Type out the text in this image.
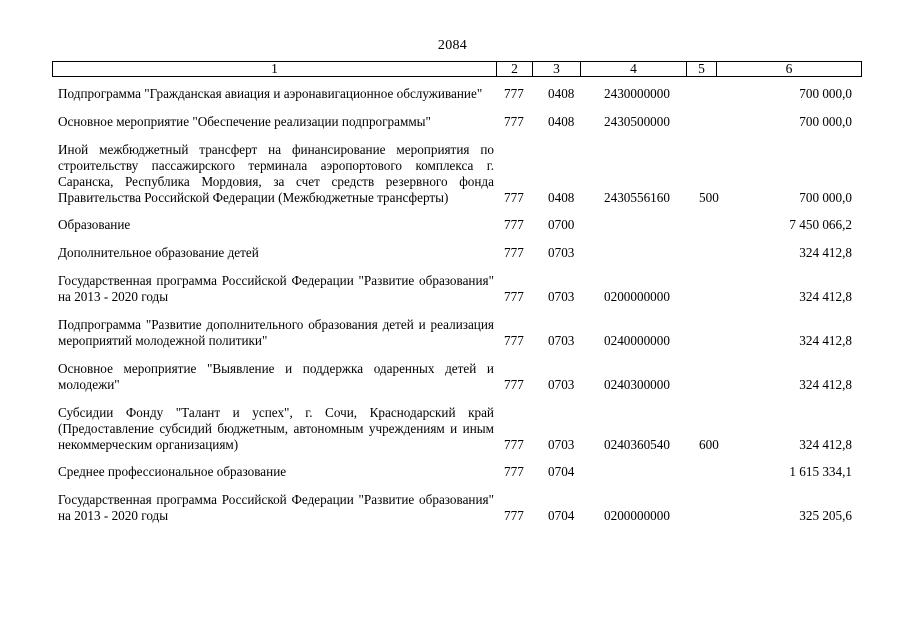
2084
1	2	3	4	5	6
Подпрограмма "Гражданская авиация и аэронавигационное обслуживание"	777 0408 2430000000	700 000,0
Основное мероприятие "Обеспечение реализации подпрограммы"	777 0408 2430500000	700 000,0
Иной межбюджетный трансферт на финансирование мероприятия по строительству пассажирского терминала аэропортового комплекса г. Саранска, Республика Мордовия, за счет средств резервного фонда Правительства Российской Федерации (Межбюджетные трансферты)	777 0408 2430556160 500	700 000,0
Образование	777 0700	7 450 066,2
Дополнительное образование детей	777 0703	324 412,8
Государственная программа Российской Федерации "Развитие образования" на 2013 - 2020 годы	777 0703 0200000000	324 412,8
Подпрограмма "Развитие дополнительного образования детей и реализация мероприятий молодежной политики"	777 0703 0240000000	324 412,8
Основное мероприятие "Выявление и поддержка одаренных детей и молодежи"	777 0703 0240300000	324 412,8
Субсидии Фонду "Талант и успех", г. Сочи, Краснодарский край (Предоставление субсидий бюджетным, автономным учреждениям и иным некоммерческим организациям)	777 0703 0240360540 600	324 412,8
Среднее профессиональное образование	777 0704	1 615 334,1
Государственная программа Российской Федерации "Развитие образования" на 2013 - 2020 годы	777 0704 0200000000	325 205,6
